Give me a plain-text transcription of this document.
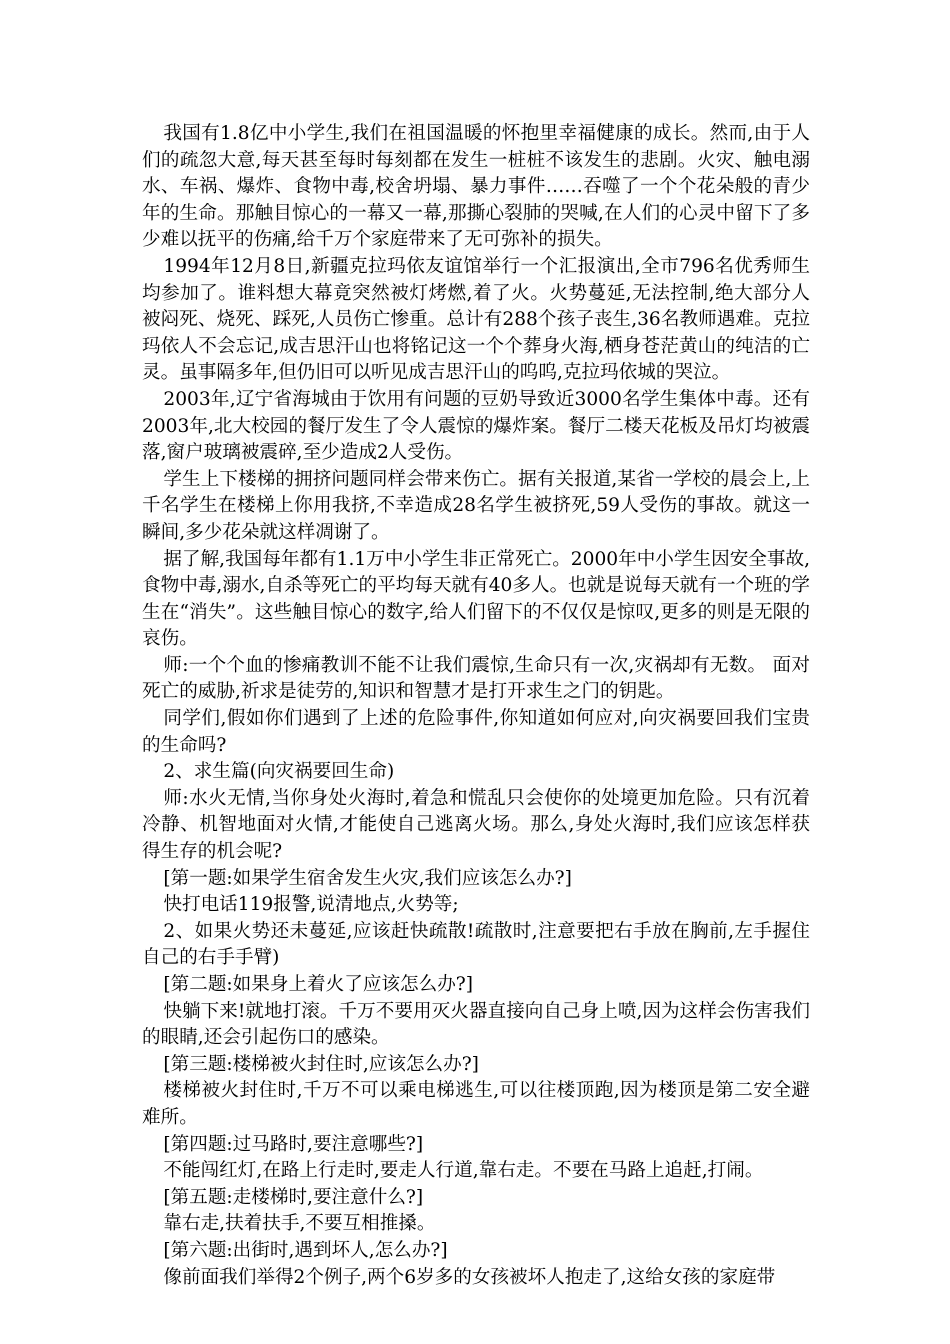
我国有1.8亿中小学生,我们在祖国温暖的怀抱里幸福健康的成长。然而,由于人们的疏忽大意,每天甚至每时每刻都在发生一桩桩不该发生的悲剧。火灾、触电溺水、车祸、爆炸、食物中毒,校舍坍塌、暴力事件……吞噬了一个个花朵般的青少年的生命。那触目惊心的一幕又一幕,那撕心裂肺的哭喊,在人们的心灵中留下了多少难以抚平的伤痛,给千万个家庭带来了无可弥补的损失。

1994年12月8日,新疆克拉玛依友谊馆举行一个汇报演出,全市796名优秀师生均参加了。谁料想大幕竟突然被灯烤燃,着了火。火势蔓延,无法控制,绝大部分人被闷死、烧死、踩死,人员伤亡惨重。总计有288个孩子丧生,36名教师遇难。克拉玛依人不会忘记,成吉思汗山也将铭记这一个个葬身火海,栖身苍茫黄山的纯洁的亡灵。虽事隔多年,但仍旧可以听见成吉思汗山的呜呜,克拉玛依城的哭泣。

2003年,辽宁省海城由于饮用有问题的豆奶导致近3000名学生集体中毒。还有2003年,北大校园的餐厅发生了令人震惊的爆炸案。餐厅二楼天花板及吊灯均被震落,窗户玻璃被震碎,至少造成2人受伤。

学生上下楼梯的拥挤问题同样会带来伤亡。据有关报道,某省一学校的晨会上,上千名学生在楼梯上你用我挤,不幸造成28名学生被挤死,59人受伤的事故。就这一瞬间,多少花朵就这样凋谢了。

据了解,我国每年都有1.1万中小学生非正常死亡。2000年中小学生因安全事故,食物中毒,溺水,自杀等死亡的平均每天就有40多人。也就是说每天就有一个班的学生在“消失”。这些触目惊心的数字,给人们留下的不仅仅是惊叹,更多的则是无限的哀伤。

师:一个个血的惨痛教训不能不让我们震惊,生命只有一次,灾祸却有无数。 面对死亡的威胁,祈求是徒劳的,知识和智慧才是打开求生之门的钥匙。

同学们,假如你们遇到了上述的危险事件,你知道如何应对,向灾祸要回我们宝贵的生命吗?

2、求生篇(向灾祸要回生命)

师:水火无情,当你身处火海时,着急和慌乱只会使你的处境更加危险。只有沉着冷静、机智地面对火情,才能使自己逃离火场。那么,身处火海时,我们应该怎样获得生存的机会呢?

[第一题:如果学生宿舍发生火灾,我们应该怎么办?]

快打电话119报警,说清地点,火势等;

2、如果火势还未蔓延,应该赶快疏散!疏散时,注意要把右手放在胸前,左手握住自己的右手手臂)

[第二题:如果身上着火了应该怎么办?]

快躺下来!就地打滚。千万不要用灭火器直接向自己身上喷,因为这样会伤害我们的眼睛,还会引起伤口的感染。

[第三题:楼梯被火封住时,应该怎么办?]

楼梯被火封住时,千万不可以乘电梯逃生,可以往楼顶跑,因为楼顶是第二安全避难所。

[第四题:过马路时,要注意哪些?]

不能闯红灯,在路上行走时,要走人行道,靠右走。不要在马路上追赶,打闹。

[第五题:走楼梯时,要注意什么?]

靠右走,扶着扶手,不要互相推搡。

[第六题:出街时,遇到坏人,怎么办?]

像前面我们举得2个例子,两个6岁多的女孩被坏人抱走了,这给女孩的家庭带
